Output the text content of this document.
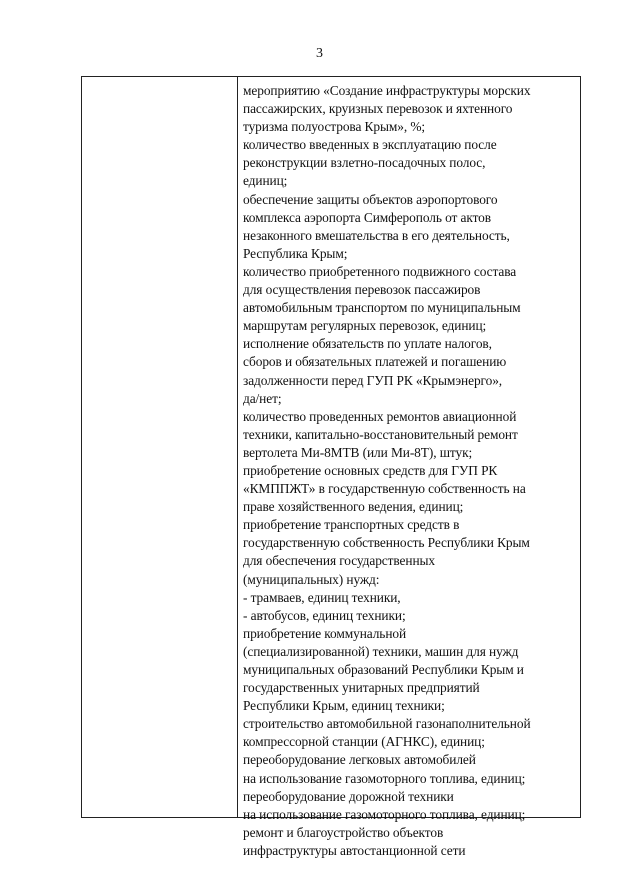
3
мероприятию «Создание инфраструктуры морских
пассажирских, круизных перевозок и яхтенного
туризма полуострова Крым», %;
количество введенных в эксплуатацию после
реконструкции взлетно-посадочных полос,
единиц;
обеспечение защиты объектов аэропортового
комплекса аэропорта Симферополь от актов
незаконного вмешательства в его деятельность,
Республика Крым;
количество приобретенного подвижного состава
для осуществления перевозок пассажиров
автомобильным транспортом по муниципальным
маршрутам регулярных перевозок, единиц;
исполнение обязательств по уплате налогов,
сборов и обязательных платежей и погашению
задолженности перед ГУП РК «Крымэнерго»,
да/нет;
количество проведенных ремонтов авиационной
техники, капитально-восстановительный ремонт
вертолета Ми-8МТВ (или Ми-8Т), штук;
приобретение основных средств для ГУП РК
«КМППЖТ» в государственную собственность на
праве хозяйственного ведения, единиц;
приобретение транспортных средств в
государственную собственность Республики Крым
для обеспечения государственных
(муниципальных) нужд:
- трамваев, единиц техники,
- автобусов, единиц техники;
приобретение коммунальной
(специализированной) техники, машин для нужд
муниципальных образований Республики Крым и
государственных унитарных предприятий
Республики Крым, единиц техники;
строительство автомобильной газонаполнительной
компрессорной станции (АГНКС), единиц;
переоборудование легковых автомобилей
на использование газомоторного топлива, единиц;
переоборудование дорожной техники
на использование газомоторного топлива, единиц;
ремонт и благоустройство объектов
инфраструктуры автостанционной сети
